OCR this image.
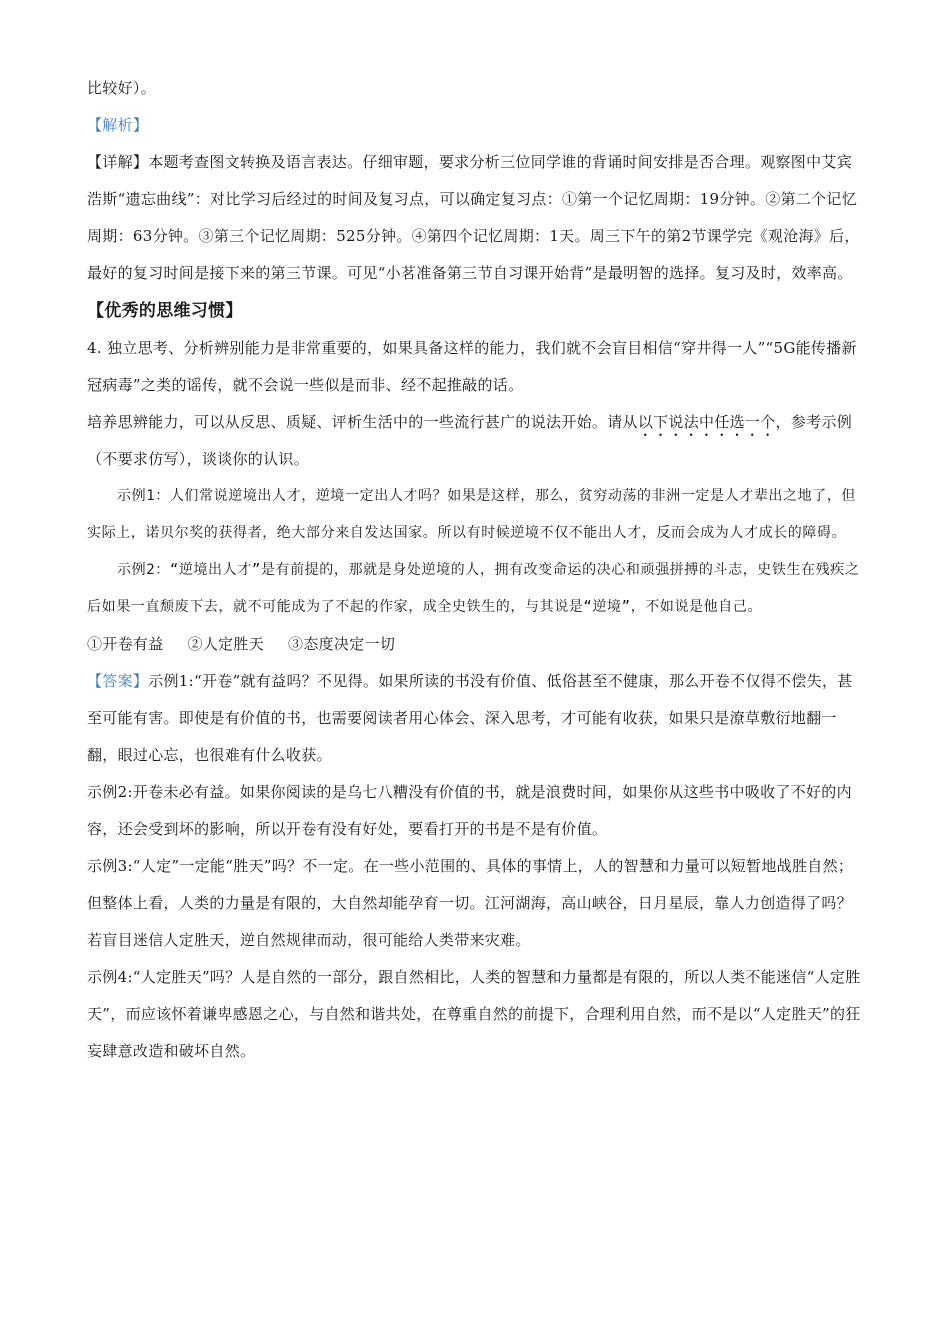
比较好）。

【解析】

【详解】本题考查图文转换及语言表达。仔细审题，要求分析三位同学谁的背诵时间安排是否合理。观察图中艾宾浩斯“遗忘曲线”：对比学习后经过的时间及复习点，可以确定复习点：①第一个记忆周期：19分钟。②第二个记忆周期：63分钟。③第三个记忆周期：525分钟。④第四个记忆周期：1天。周三下午的第2节课学完《观沧海》后，最好的复习时间是接下来的第三节课。可见“小茗准备第三节自习课开始背”是最明智的选择。复习及时，效率高。

【优秀的思维习惯】

4. 独立思考、分析辨别能力是非常重要的，如果具备这样的能力，我们就不会盲目相信“穿井得一人”“5G能传播新冠病毒”之类的谣传，就不会说一些似是而非、经不起推敲的话。

培养思辨能力，可以从反思、质疑、评析生活中的一些流行甚广的说法开始。请从以下说法中任选一个，参考示例（不要求仿写），谈谈你的认识。

示例1：人们常说逆境出人才，逆境一定出人才吗？如果是这样，那么，贫穷动荡的非洲一定是人才辈出之地了，但实际上，诺贝尔奖的获得者，绝大部分来自发达国家。所以有时候逆境不仅不能出人才，反而会成为人才成长的障碍。

示例2：“逆境出人才”是有前提的，那就是身处逆境的人，拥有改变命运的决心和顽强拼搏的斗志，史铁生在残疾之后如果一直颓废下去，就不可能成为了不起的作家，成全史铁生的，与其说是“逆境”，不如说是他自己。

①开卷有益 ②人定胜天 ③态度决定一切

【答案】示例1:“开卷”就有益吗？不见得。如果所读的书没有价值、低俗甚至不健康，那么开卷不仅得不偿失，甚至可能有害。即使是有价值的书，也需要阅读者用心体会、深入思考，才可能有收获，如果只是潦草敷衍地翻一翻，眼过心忘，也很难有什么收获。

示例2:开卷未必有益。如果你阅读的是乌七八糟没有价值的书，就是浪费时间，如果你从这些书中吸收了不好的内容，还会受到坏的影响，所以开卷有没有好处，要看打开的书是不是有价值。

示例3:“人定”一定能“胜天”吗？不一定。在一些小范围的、具体的事情上，人的智慧和力量可以短暂地战胜自然；但整体上看，人类的力量是有限的，大自然却能孕育一切。江河湖海，高山峡谷，日月星辰，靠人力创造得了吗？若盲目迷信人定胜天，逆自然规律而动，很可能给人类带来灾难。

示例4:“人定胜天”吗？人是自然的一部分，跟自然相比，人类的智慧和力量都是有限的，所以人类不能迷信“人定胜天”，而应该怀着谦卑感恩之心，与自然和谐共处，在尊重自然的前提下，合理利用自然，而不是以“人定胜天”的狂妄肆意改造和破坏自然。
